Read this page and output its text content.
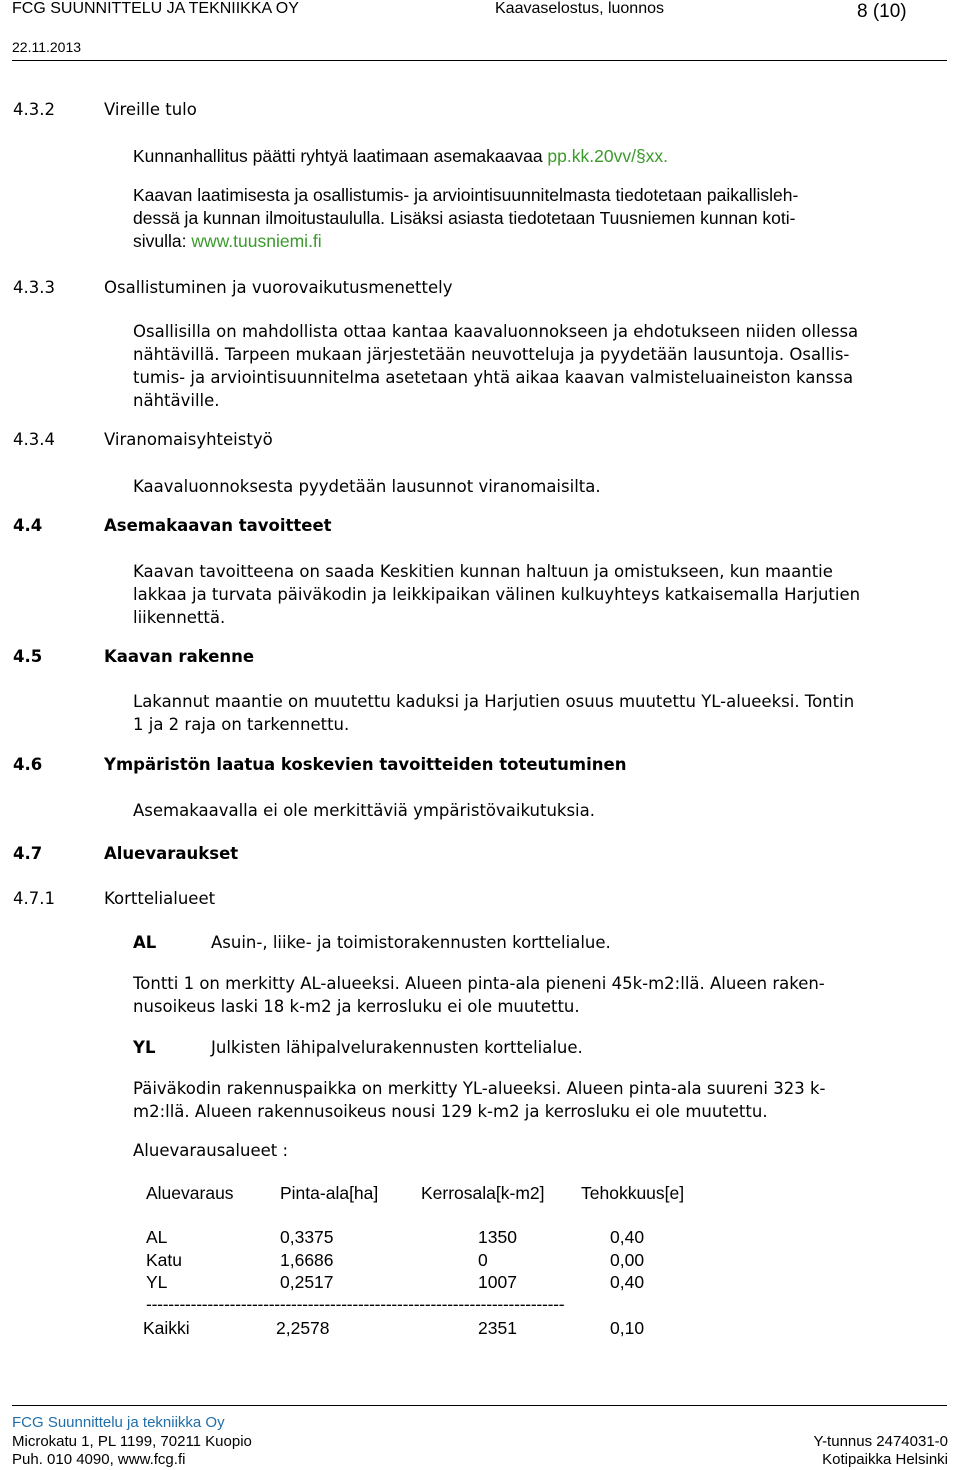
FCG SUUNNITTELU JA TEKNIIKKA OY	Kaavaselostus, luonnos	8 (10)
22.11.2013
4.3.2	Vireille tulo
Kunnanhallitus päätti ryhtyä laatimaan asemakaavaa pp.kk.20vv/§xx.
Kaavan laatimisesta ja osallistumis- ja arviointisuunnitelmasta tiedotetaan paikallisleh-
dessä ja kunnan ilmoitustaululla. Lisäksi asiasta tiedotetaan Tuusniemen kunnan koti-
sivulla: www.tuusniemi.fi
4.3.3	Osallistuminen ja vuorovaikutusmenettely
Osallisilla on mahdollista ottaa kantaa kaavaluonnokseen ja ehdotukseen niiden ollessa
nähtävillä. Tarpeen mukaan järjestetään neuvotteluja ja pyydetään lausuntoja. Osallis-
tumis- ja arviointisuunnitelma asetetaan yhtä aikaa kaavan valmisteluaineiston kanssa
nähtäville.
4.3.4	Viranomaisyhteistyö
Kaavaluonnoksesta pyydetään lausunnot viranomaisilta.
4.4	Asemakaavan tavoitteet
Kaavan tavoitteena on saada Keskitien kunnan haltuun ja omistukseen, kun maantie
lakkaa ja turvata päiväkodin ja leikkipaikan välinen kulkuyhteys katkaisemalla Harjutien
liikennettä.
4.5	Kaavan rakenne
Lakannut maantie on muutettu kaduksi ja Harjutien osuus muutettu YL-alueeksi. Tontin
1 ja 2 raja on tarkennettu.
4.6	Ympäristön laatua koskevien tavoitteiden toteutuminen
Asemakaavalla ei ole merkittäviä ympäristövaikutuksia.
4.7	Aluevaraukset
4.7.1	Korttelialueet
AL	Asuin-, liike- ja toimistorakennusten korttelialue.
Tontti 1 on merkitty AL-alueeksi. Alueen pinta-ala pieneni 45k-m2:llä. Alueen raken-
nusoikeus laski 18 k-m2 ja kerrosluku ei ole muutettu.
YL	Julkisten lähipalvelurakennusten korttelialue.
Päiväkodin rakennuspaikka on merkitty YL-alueeksi. Alueen pinta-ala suureni 323 k-
m2:llä. Alueen rakennusoikeus nousi 129 k-m2 ja kerrosluku ei ole muutettu.
Aluevarausalueet :
Aluevaraus	Pinta-ala[ha] Kerrosala[k-m2] Tehokkuus[e]
AL	0,3375	1350	0,40
Katu	1,6686	0	0,00
YL	0,2517	1007	0,40
---------------------------------------------------------------------------
Kaikki	2,2578	2351	0,10
FCG Suunnittelu ja tekniikka Oy
Microkatu 1, PL 1199, 70211 Kuopio
Puh. 010 4090, www.fcg.fi
Y-tunnus 2474031-0
Kotipaikka Helsinki
